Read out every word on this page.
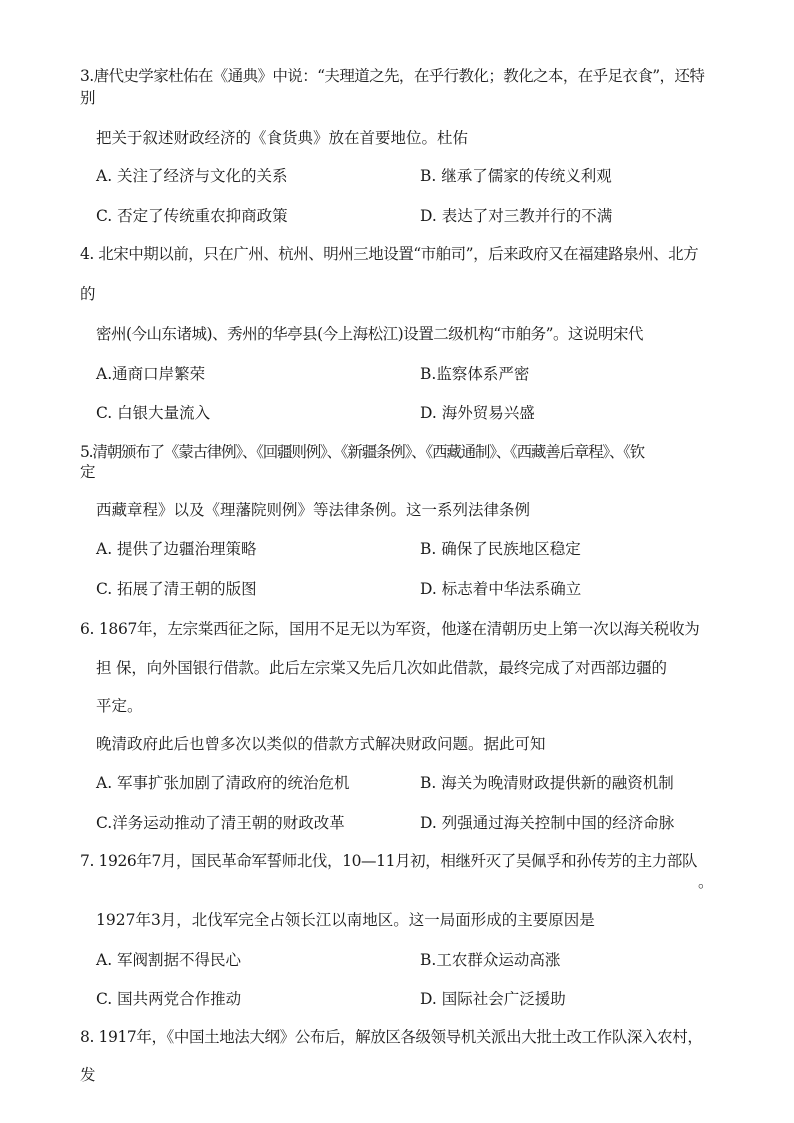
3.唐代史学家杜佑在《通典》中说：“夫理道之先，在乎行教化；教化之本，在乎足衣食”，还特
别
把关于叙述财政经济的《食货典》放在首要地位。杜佑
A. 关注了经济与文化的关系	B. 继承了儒家的传统义利观
C. 否定了传统重农抑商政策	D. 表达了对三教并行的不满
4. 北宋中期以前，只在广州、杭州、明州三地设置“市舶司”，后来政府又在福建路泉州、北方
的
密州(今山东诸城)、秀州的华亭县(今上海松江)设置二级机构“市舶务”。这说明宋代
A.通商口岸繁荣	B.监察体系严密
C. 白银大量流入	D. 海外贸易兴盛
5.清朝颁布了《蒙古律例》、《回疆则例》、《新疆条例》、《西藏通制》、《西藏善后章程》、《钦
定
西藏章程》以及《理藩院则例》等法律条例。这一系列法律条例
A. 提供了边疆治理策略	B. 确保了民族地区稳定
C. 拓展了清王朝的版图	D. 标志着中华法系确立
6. 1867年，左宗棠西征之际，国用不足无以为军资，他遂在清朝历史上第一次以海关税收为
担 保，向外国银行借款。此后左宗棠又先后几次如此借款，最终完成了对西部边疆的
平定。
晚清政府此后也曾多次以类似的借款方式解决财政问题。据此可知
A. 军事扩张加剧了清政府的统治危机	B. 海关为晚清财政提供新的融资机制
C.洋务运动推动了清王朝的财政改革	D. 列强通过海关控制中国的经济命脉
7. 1926年7月，国民革命军誓师北伐，10—11月初，相继歼灭了吴佩孚和孙传芳的主力部队
。
1927年3月，北伐军完全占领长江以南地区。这一局面形成的主要原因是
A. 军阀割据不得民心	B.工农群众运动高涨
C. 国共两党合作推动	D. 国际社会广泛援助
8. 1917年，《中国土地法大纲》公布后，解放区各级领导机关派出大批土改工作队深入农村，
发
